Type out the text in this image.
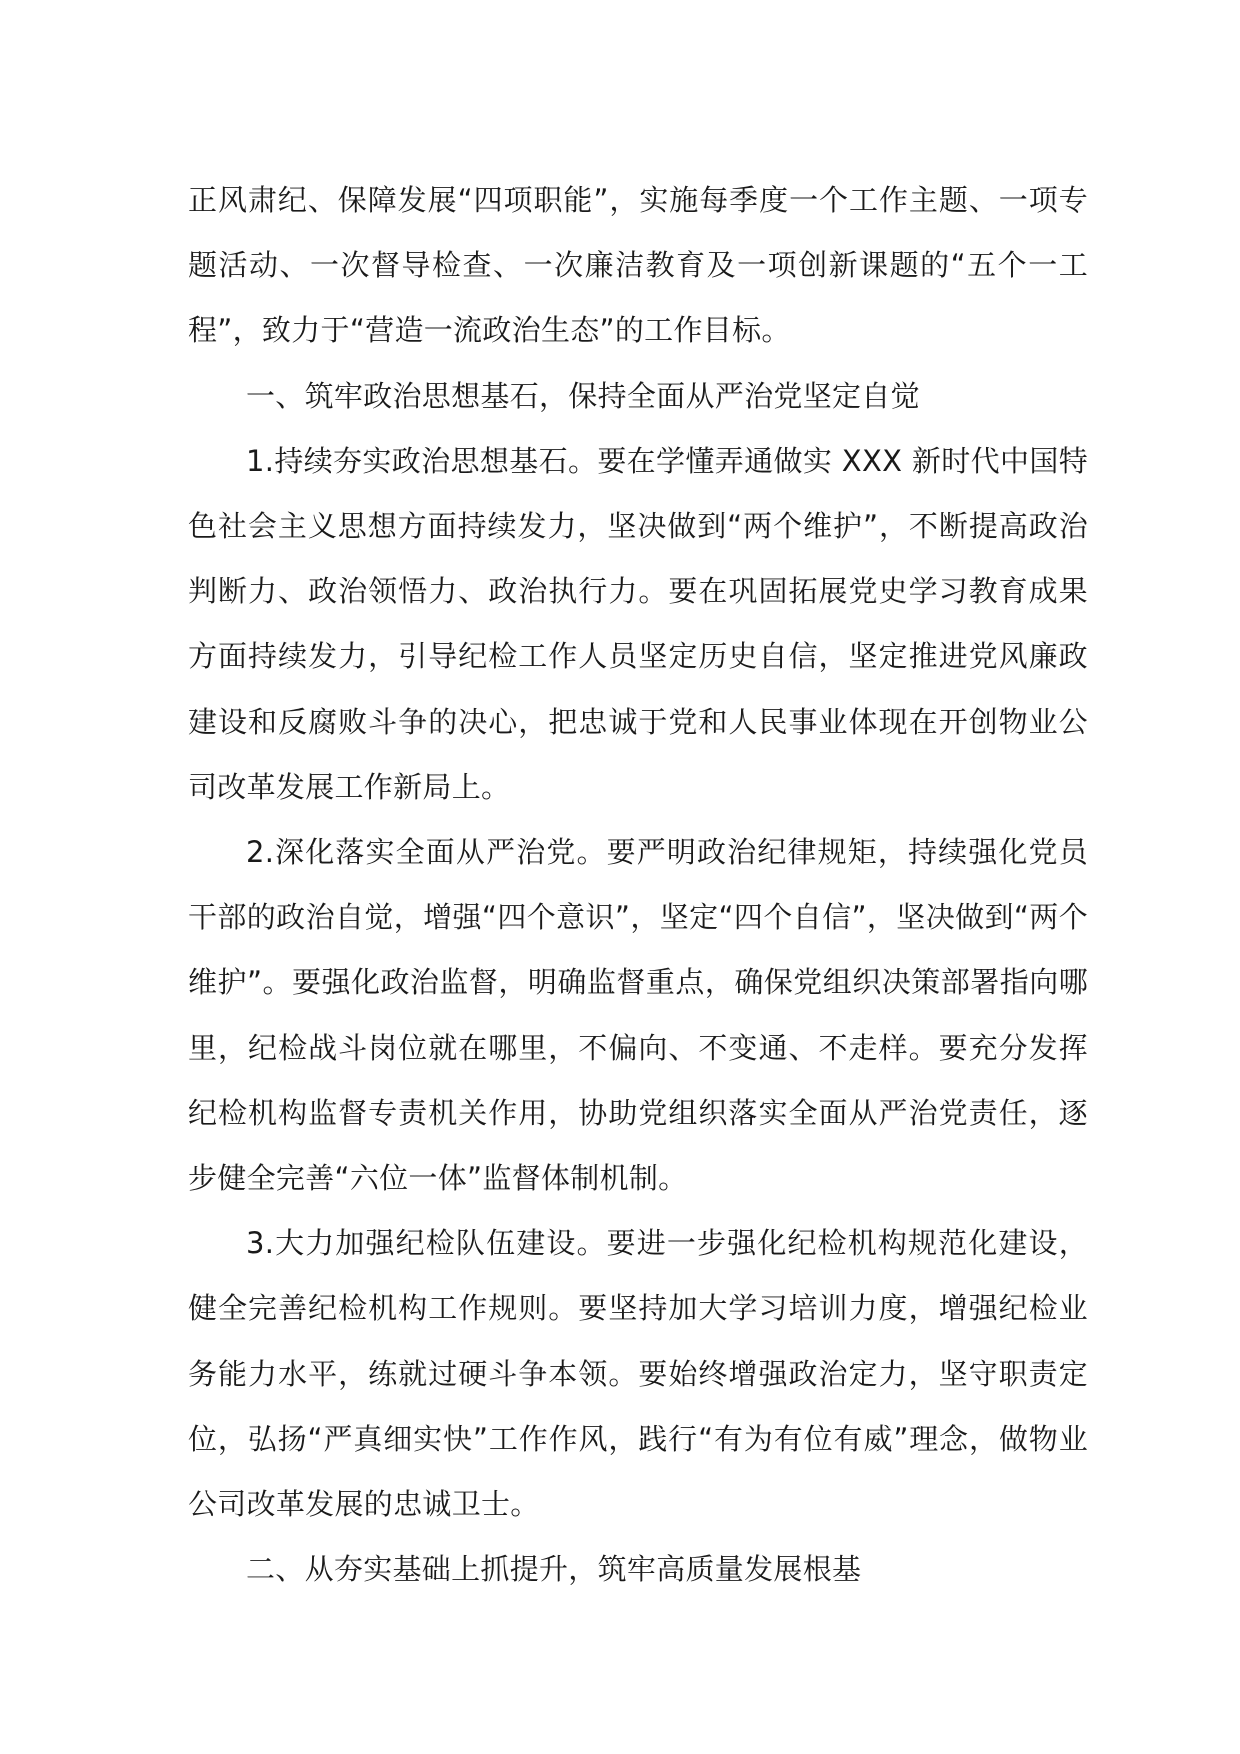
正风肃纪、保障发展“四项职能”，实施每季度一个工作主题、一项专题活动、一次督导检查、一次廉洁教育及一项创新课题的“五个一工程”，致力于“营造一流政治生态”的工作目标。

一、筑牢政治思想基石，保持全面从严治党坚定自觉

1.持续夯实政治思想基石。要在学懂弄通做实 XXX 新时代中国特色社会主义思想方面持续发力，坚决做到“两个维护”，不断提高政治判断力、政治领悟力、政治执行力。要在巩固拓展党史学习教育成果方面持续发力，引导纪检工作人员坚定历史自信，坚定推进党风廉政建设和反腐败斗争的决心，把忠诚于党和人民事业体现在开创物业公司改革发展工作新局上。

2.深化落实全面从严治党。要严明政治纪律规矩，持续强化党员干部的政治自觉，增强“四个意识”，坚定“四个自信”，坚决做到“两个维护”。要强化政治监督，明确监督重点，确保党组织决策部署指向哪里，纪检战斗岗位就在哪里，不偏向、不变通、不走样。要充分发挥纪检机构监督专责机关作用，协助党组织落实全面从严治党责任，逐步健全完善“六位一体”监督体制机制。

3.大力加强纪检队伍建设。要进一步强化纪检机构规范化建设，健全完善纪检机构工作规则。要坚持加大学习培训力度，增强纪检业务能力水平，练就过硬斗争本领。要始终增强政治定力，坚守职责定位，弘扬“严真细实快”工作作风，践行“有为有位有威”理念，做物业公司改革发展的忠诚卫士。

二、从夯实基础上抓提升，筑牢高质量发展根基
